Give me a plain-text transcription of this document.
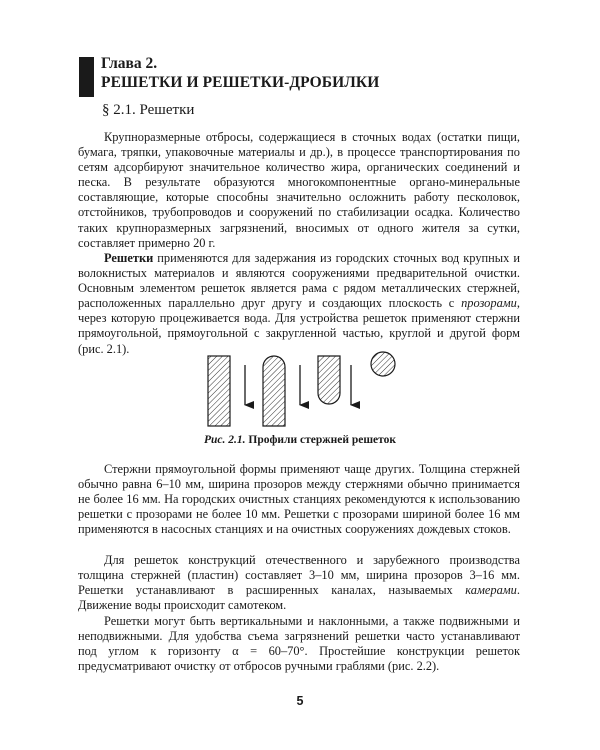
Глава 2.
РЕШЕТКИ И РЕШЕТКИ-ДРОБИЛКИ
§ 2.1. Решетки

Крупноразмерные отбросы, содержащиеся в сточных водах (остатки пищи, бумага, тряпки, упаковочные материалы и др.), в процессе транспортирования по сетям адсорбируют значительное количество жира, органических соединений и песка. В результате образуются многокомпонентные органо-минеральные составляющие, которые способны значительно осложнить работу песколовок, отстойников, трубопроводов и сооружений по стабилизации осадка. Количество таких крупноразмерных загрязнений, вносимых от одного жителя за сутки, составляет примерно 20 г.

Решетки применяются для задержания из городских сточных вод крупных и волокнистых материалов и являются сооружениями предварительной очистки. Основным элементом решеток является рама с рядом металлических стержней, расположенных параллельно друг другу и создающих плоскость с прозорами, через которую процеживается вода. Для устройства решеток применяют стержни прямоугольной, прямоугольной с закругленной частью, круглой и другой форм (рис. 2.1).

Рис. 2.1. Профили стержней решеток

Стержни прямоугольной формы применяют чаще других. Толщина стержней обычно равна 6–10 мм, ширина прозоров между стержнями обычно принимается не более 16 мм. На городских очистных станциях рекомендуются к использованию решетки с прозорами не более 10 мм. Решетки с прозорами шириной более 16 мм применяются в насосных станциях и на очистных сооружениях дождевых стоков.

Для решеток конструкций отечественного и зарубежного производства толщина стержней (пластин) составляет 3–10 мм, ширина прозоров 3–16 мм. Решетки устанавливают в расширенных каналах, называемых камерами. Движение воды происходит самотеком.

Решетки могут быть вертикальными и наклонными, а также подвижными и неподвижными. Для удобства съема загрязнений решетки часто устанавливают под углом к горизонту α = 60–70°. Простейшие конструкции решеток предусматривают очистку от отбросов ручными граблями (рис. 2.2).

5
